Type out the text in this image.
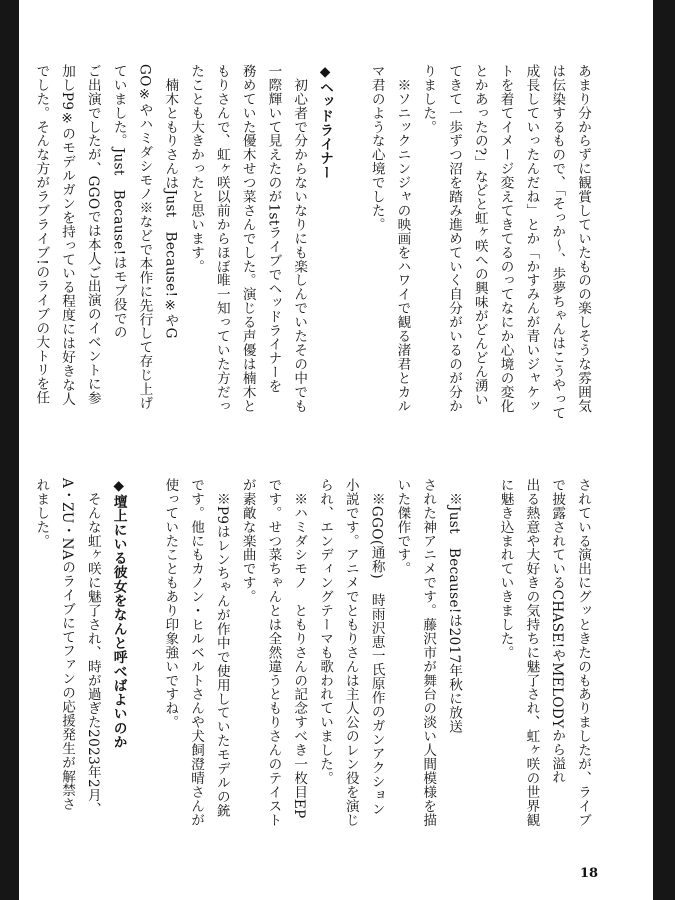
あまり分からずに観賞していたものの楽しそうな雰囲気
は伝染するもので、「そっか〜、歩夢ちゃんはこうやって
成長していったんだね」とか「かすみんが青いジャケッ
トを着てイメージ変えてきてるのってなにか心境の変化
とかあったの?」などと虹ヶ咲への興味がどんどん湧い
てきて一歩ずつ沼を踏み進めていく自分がいるのが分か
りました。
　※ソニックニンジャの映画をハワイで観る渚君とカル
マ君のような心境でした。

◆ヘッドライナー
　初心者で分からないなりにも楽しんでいたその中でも
一際輝いて見えたのが1stライブでヘッドライナーを
務めていた優木せつ菜さんでした。演じる声優は楠木と
もりさんで、虹ヶ咲以前からほぼ唯一知っていた方だっ
たことも大きかったと思います。
　楠木ともりさんはJust　Because!※やG
GO※やハミダシモノ※などで本作に先行して存じ上げ
ていました。Just　Because!はモブ役での
ご出演でしたが、GGOでは本人ご出演のイベントに参
加しP9※のモデルガンを持っている程度には好きな人
でした。そんな方がラブライブ!のライブの大トリを任
されている演出にグッときたのもありましたが、ライブ
で披露されているCHASE!やMELODYから溢れ
出る熱意や大好きの気持ちに魅了され、虹ヶ咲の世界観
に魅き込まれていきました。

　※Just　Because!は2017年秋に放送
された神アニメです。藤沢市が舞台の淡い人間模様を描
いた傑作です。
　※GGO(通称)　時雨沢恵一氏原作のガンアクション
小説です。アニメでともりさんは主人公のレン役を演じ
られ、エンディングテーマも歌われていました。
　※ハミダシモノ　ともりさんの記念すべき一枚目EP
です。せつ菜ちゃんとは全然違うともりさんのテイスト
が素敵な楽曲です。
　※P9はレンちゃんが作中で使用していたモデルの銃
です。他にもカノン・ヒルベルトさんや犬飼澄晴さんが
使っていたこともあり印象強いですね。

◆壇上にいる彼女をなんと呼べばよいのか
　そんな虹ヶ咲に魅了され、時が過ぎた2023年2月、
A・ZU・NAのライブにてファンの応援発生が解禁さ
れました。
18
